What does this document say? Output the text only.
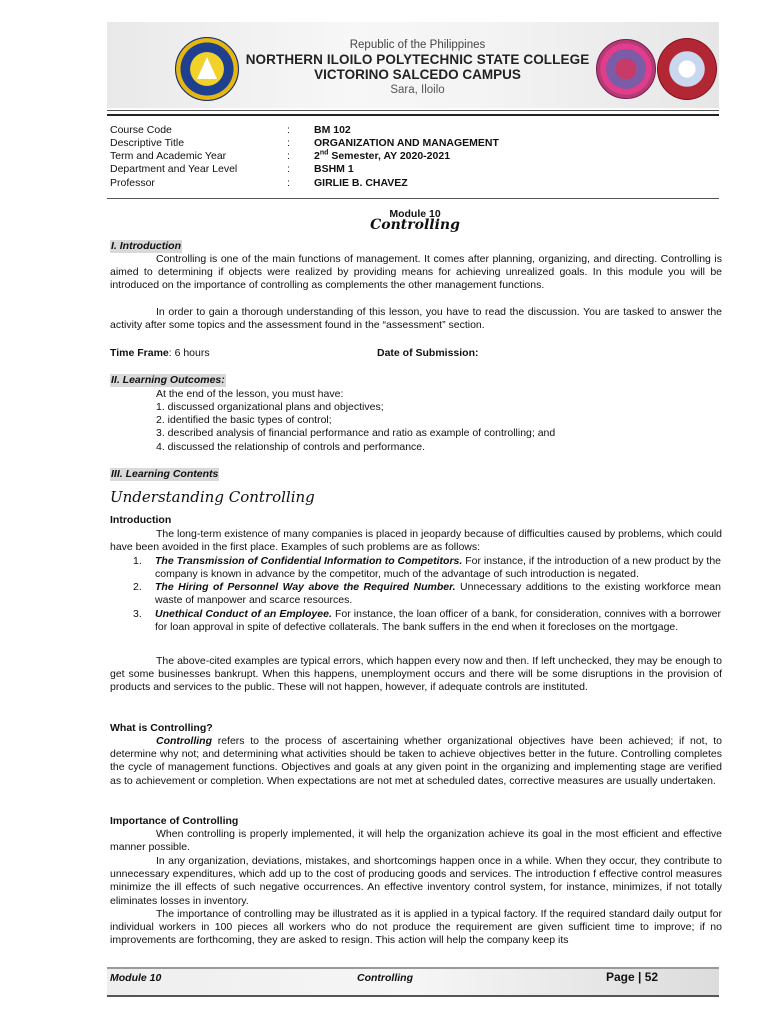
Republic of the Philippines
NORTHERN ILOILO POLYTECHNIC STATE COLLEGE
VICTORINO SALCEDO CAMPUS
Sara, Iloilo
Course Code	: BM 102
Descriptive Title	: ORGANIZATION AND MANAGEMENT
Term and Academic Year	: 2nd Semester, AY 2020-2021
Department and Year Level	: BSHM 1
Professor	: GIRLIE B. CHAVEZ
Module 10
Controlling
I. Introduction
Controlling is one of the main functions of management. It comes after planning, organizing, and directing. Controlling is aimed to determining if objects were realized by providing means for achieving unrealized goals. In this module you will be introduced on the importance of controlling as complements the other management functions.
In order to gain a thorough understanding of this lesson, you have to read the discussion. You are tasked to answer the activity after some topics and the assessment found in the “assessment” section.
Time Frame: 6 hours	Date of Submission:
II. Learning Outcomes:
At the end of the lesson, you must have:
1. discussed organizational plans and objectives;
2. identified the basic types of control;
3. described analysis of financial performance and ratio as example of controlling; and
4. discussed the relationship of controls and performance.
III. Learning Contents
Understanding Controlling
Introduction
The long-term existence of many companies is placed in jeopardy because of difficulties caused by problems, which could have been avoided in the first place. Examples of such problems are as follows:
1. The Transmission of Confidential Information to Competitors. For instance, if the introduction of a new product by the company is known in advance by the competitor, much of the advantage of such introduction is negated.
2. The Hiring of Personnel Way above the Required Number. Unnecessary additions to the existing workforce mean waste of manpower and scarce resources.
3. Unethical Conduct of an Employee. For instance, the loan officer of a bank, for consideration, connives with a borrower for loan approval in spite of defective collaterals. The bank suffers in the end when it forecloses on the mortgage.
The above-cited examples are typical errors, which happen every now and then. If left unchecked, they may be enough to get some businesses bankrupt. When this happens, unemployment occurs and there will be some disruptions in the provision of products and services to the public. These will not happen, however, if adequate controls are instituted.
What is Controlling?
Controlling refers to the process of ascertaining whether organizational objectives have been achieved; if not, to determine why not; and determining what activities should be taken to achieve objectives better in the future. Controlling completes the cycle of management functions. Objectives and goals at any given point in the organizing and implementing stage are verified as to achievement or completion. When expectations are not met at scheduled dates, corrective measures are usually undertaken.
Importance of Controlling
When controlling is properly implemented, it will help the organization achieve its goal in the most efficient and effective manner possible.
In any organization, deviations, mistakes, and shortcomings happen once in a while. When they occur, they contribute to unnecessary expenditures, which add up to the cost of producing goods and services. The introduction f effective control measures minimize the ill effects of such negative occurrences. An effective inventory control system, for instance, minimizes, if not totally eliminates losses in inventory.
The importance of controlling may be illustrated as it is applied in a typical factory. If the required standard daily output for individual workers in 100 pieces all workers who do not produce the requirement are given sufficient time to improve; if no improvements are forthcoming, they are asked to resign. This action will help the company keep its
Module 10	Controlling	Page | 52
